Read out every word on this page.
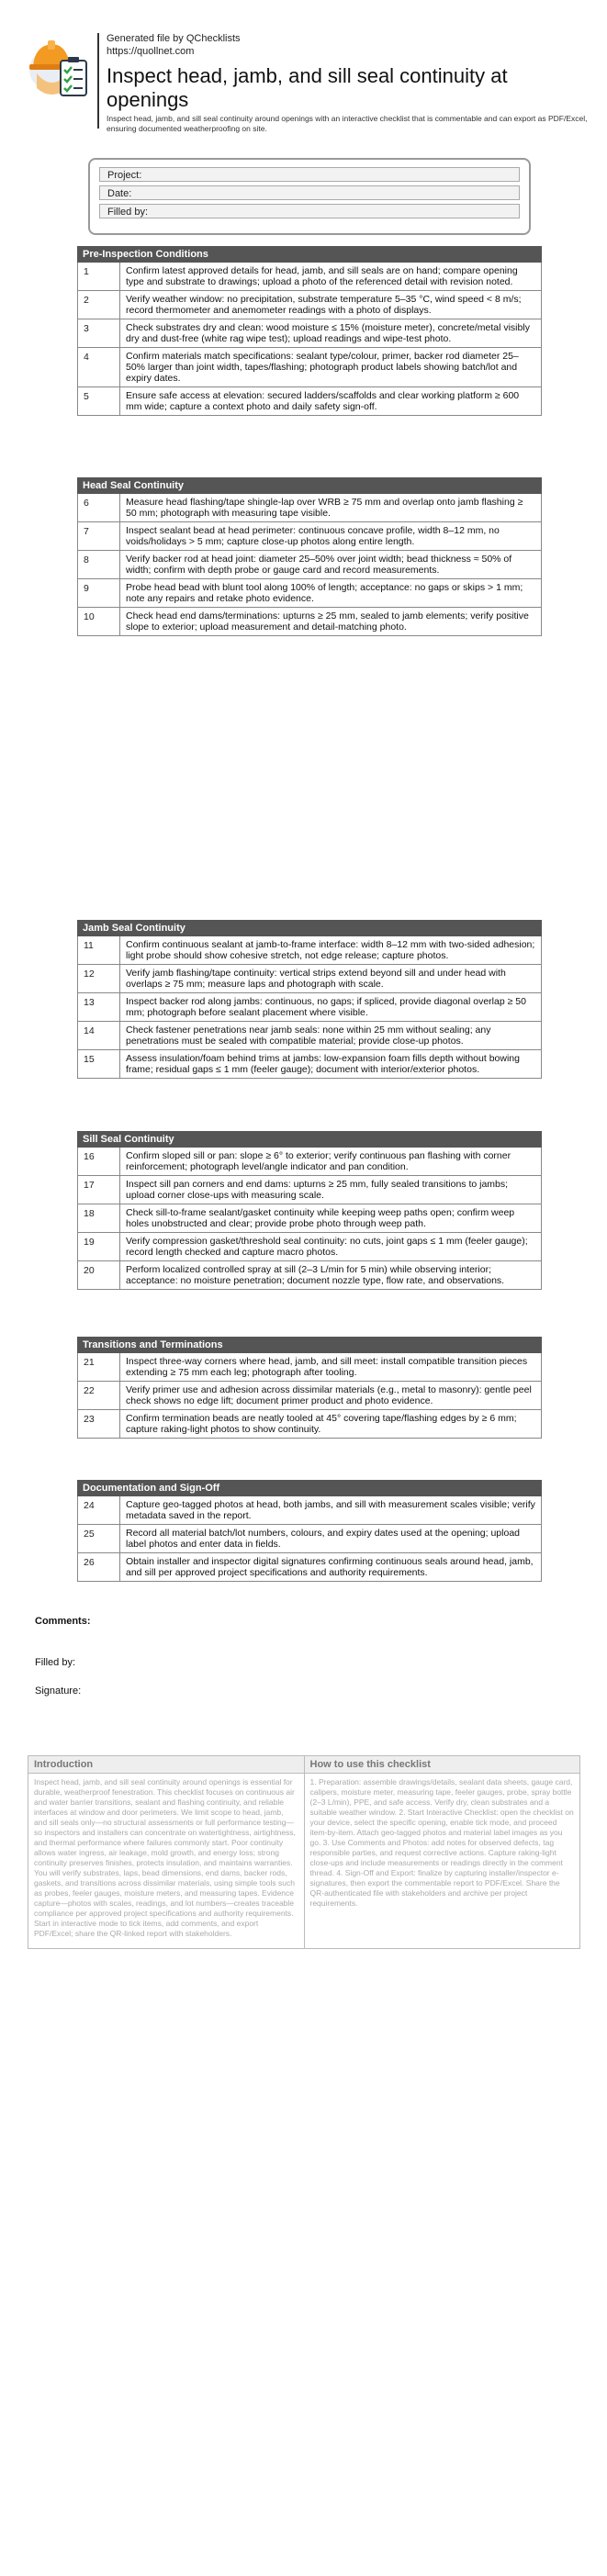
Generated file by QChecklists
https://quollnet.com
Inspect head, jamb, and sill seal continuity at openings
Inspect head, jamb, and sill seal continuity around openings with an interactive checklist that is commentable and can export as PDF/Excel, ensuring documented weatherproofing on site.
Project:
Date:
Filled by:
Pre-Inspection Conditions
1	Confirm latest approved details for head, jamb, and sill seals are on hand; compare opening type and substrate to drawings; upload a photo of the referenced detail with revision noted.
2	Verify weather window: no precipitation, substrate temperature 5–35 °C, wind speed < 8 m/s; record thermometer and anemometer readings with a photo of displays.
3	Check substrates dry and clean: wood moisture ≤ 15% (moisture meter), concrete/metal visibly dry and dust-free (white rag wipe test); upload readings and wipe-test photo.
4	Confirm materials match specifications: sealant type/colour, primer, backer rod diameter 25–50% larger than joint width, tapes/flashing; photograph product labels showing batch/lot and expiry dates.
5	Ensure safe access at elevation: secured ladders/scaffolds and clear working platform ≥ 600 mm wide; capture a context photo and daily safety sign-off.
Head Seal Continuity
6	Measure head flashing/tape shingle-lap over WRB ≥ 75 mm and overlap onto jamb flashing ≥ 50 mm; photograph with measuring tape visible.
7	Inspect sealant bead at head perimeter: continuous concave profile, width 8–12 mm, no voids/holidays > 5 mm; capture close-up photos along entire length.
8	Verify backer rod at head joint: diameter 25–50% over joint width; bead thickness ≈ 50% of width; confirm with depth probe or gauge card and record measurements.
9	Probe head bead with blunt tool along 100% of length; acceptance: no gaps or skips > 1 mm; note any repairs and retake photo evidence.
10	Check head end dams/terminations: upturns ≥ 25 mm, sealed to jamb elements; verify positive slope to exterior; upload measurement and detail-matching photo.
Jamb Seal Continuity
11	Confirm continuous sealant at jamb-to-frame interface: width 8–12 mm with two-sided adhesion; light probe should show cohesive stretch, not edge release; capture photos.
12	Verify jamb flashing/tape continuity: vertical strips extend beyond sill and under head with overlaps ≥ 75 mm; measure laps and photograph with scale.
13	Inspect backer rod along jambs: continuous, no gaps; if spliced, provide diagonal overlap ≥ 50 mm; photograph before sealant placement where visible.
14	Check fastener penetrations near jamb seals: none within 25 mm without sealing; any penetrations must be sealed with compatible material; provide close-up photos.
15	Assess insulation/foam behind trims at jambs: low-expansion foam fills depth without bowing frame; residual gaps ≤ 1 mm (feeler gauge); document with interior/exterior photos.
Sill Seal Continuity
16	Confirm sloped sill or pan: slope ≥ 6° to exterior; verify continuous pan flashing with corner reinforcement; photograph level/angle indicator and pan condition.
17	Inspect sill pan corners and end dams: upturns ≥ 25 mm, fully sealed transitions to jambs; upload corner close-ups with measuring scale.
18	Check sill-to-frame sealant/gasket continuity while keeping weep paths open; confirm weep holes unobstructed and clear; provide probe photo through weep path.
19	Verify compression gasket/threshold seal continuity: no cuts, joint gaps ≤ 1 mm (feeler gauge); record length checked and capture macro photos.
20	Perform localized controlled spray at sill (2–3 L/min for 5 min) while observing interior; acceptance: no moisture penetration; document nozzle type, flow rate, and observations.
Transitions and Terminations
21	Inspect three-way corners where head, jamb, and sill meet: install compatible transition pieces extending ≥ 75 mm each leg; photograph after tooling.
22	Verify primer use and adhesion across dissimilar materials (e.g., metal to masonry): gentle peel check shows no edge lift; document primer product and photo evidence.
23	Confirm termination beads are neatly tooled at 45° covering tape/flashing edges by ≥ 6 mm; capture raking-light photos to show continuity.
Documentation and Sign-Off
24	Capture geo-tagged photos at head, both jambs, and sill with measurement scales visible; verify metadata saved in the report.
25	Record all material batch/lot numbers, colours, and expiry dates used at the opening; upload label photos and enter data in fields.
26	Obtain installer and inspector digital signatures confirming continuous seals around head, jamb, and sill per approved project specifications and authority requirements.
Comments:
Filled by:
Signature:
Introduction
Inspect head, jamb, and sill seal continuity around openings is essential for durable, weatherproof fenestration. This checklist focuses on continuous air and water barrier transitions, sealant and flashing continuity, and reliable interfaces at window and door perimeters. We limit scope to head, jamb, and sill seals only—no structural assessments or full performance testing—so inspectors and installers can concentrate on watertightness, airtightness, and thermal performance where failures commonly start. Poor continuity allows water ingress, air leakage, mold growth, and energy loss; strong continuity preserves finishes, protects insulation, and maintains warranties. You will verify substrates, laps, bead dimensions, end dams, backer rods, gaskets, and transitions across dissimilar materials, using simple tools such as probes, feeler gauges, moisture meters, and measuring tapes. Evidence capture—photos with scales, readings, and lot numbers—creates traceable compliance per approved project specifications and authority requirements. Start in interactive mode to tick items, add comments, and export PDF/Excel; share the QR-linked report with stakeholders.
How to use this checklist
1. Preparation: assemble drawings/details, sealant data sheets, gauge card, calipers, moisture meter, measuring tape, feeler gauges, probe, spray bottle (2–3 L/min), PPE, and safe access. Verify dry, clean substrates and a suitable weather window. 2. Start Interactive Checklist: open the checklist on your device, select the specific opening, enable tick mode, and proceed item-by-item. Attach geo-tagged photos and material label images as you go. 3. Use Comments and Photos: add notes for observed defects, tag responsible parties, and request corrective actions. Capture raking-light close-ups and include measurements or readings directly in the comment thread. 4. Sign-Off and Export: finalize by capturing installer/inspector e-signatures, then export the commentable report to PDF/Excel. Share the QR-authenticated file with stakeholders and archive per project requirements.
